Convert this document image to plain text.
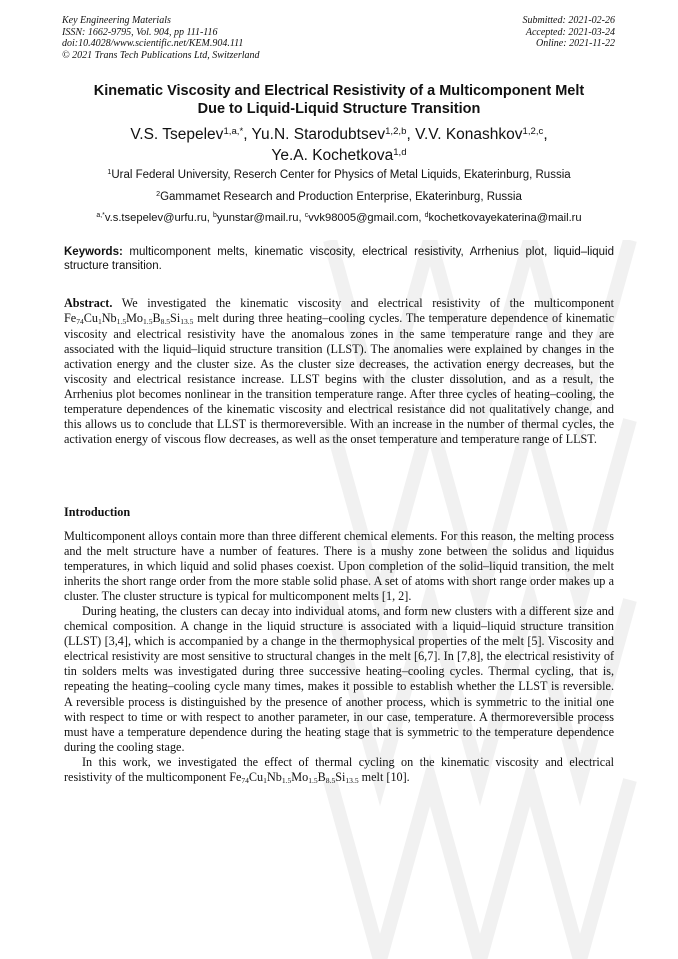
Key Engineering Materials
ISSN: 1662-9795, Vol. 904, pp 111-116
doi:10.4028/www.scientific.net/KEM.904.111
© 2021 Trans Tech Publications Ltd, Switzerland
Submitted: 2021-02-26
Accepted: 2021-03-24
Online: 2021-11-22
Kinematic Viscosity and Electrical Resistivity of a Multicomponent Melt
Due to Liquid-Liquid Structure Transition
V.S. Tsepelev$^{1,a,*}$, Yu.N. Starodubtsev$^{1,2,b}$, V.V. Konashkov$^{1,2,c}$,
Ye.A. Kochetkova$^{1,d}$
$^1$Ural Federal University, Reserch Center for Physics of Metal Liquids, Ekaterinburg, Russia
$^2$Gammamet Research and Production Enterprise, Ekaterinburg, Russia
$^{a,*}$v.s.tsepelev@urfu.ru, $^b$yunstar@mail.ru, $^c$vvk98005@gmail.com, $^d$kochetkovayekaterina@mail.ru
Keywords: multicomponent melts, kinematic viscosity, electrical resistivity, Arrhenius plot, liquid–liquid structure transition.
Abstract. We investigated the kinematic viscosity and electrical resistivity of the multicomponent $Fe_{74}Cu_1Nb_{1.5}Mo_{1.5}B_{8.5}Si_{13.5}$ melt during three heating–cooling cycles. The temperature dependence of kinematic viscosity and electrical resistivity have the anomalous zones in the same temperature range and they are associated with the liquid–liquid structure transition (LLST). The anomalies were explained by changes in the activation energy and the cluster size. As the cluster size decreases, the activation energy decreases, but the viscosity and electrical resistance increase. LLST begins with the cluster dissolution, and as a result, the Arrhenius plot becomes nonlinear in the transition temperature range. After three cycles of heating–cooling, the temperature dependences of the kinematic viscosity and electrical resistance did not qualitatively change, and this allows us to conclude that LLST is thermoreversible. With an increase in the number of thermal cycles, the activation energy of viscous flow decreases, as well as the onset temperature and temperature range of LLST.
Introduction

Multicomponent alloys contain more than three different chemical elements. For this reason, the melting process and the melt structure have a number of features. There is a mushy zone between the solidus and liquidus temperatures, in which liquid and solid phases coexist. Upon completion of the solid–liquid transition, the melt inherits the short range order from the more stable solid phase. A set of atoms with short range order makes up a cluster. The cluster structure is typical for multicomponent melts [1, 2].

During heating, the clusters can decay into individual atoms, and form new clusters with a different size and chemical composition. A change in the liquid structure is associated with a liquid–liquid structure transition (LLST) [3,4], which is accompanied by a change in the thermophysical properties of the melt [5]. Viscosity and electrical resistivity are most sensitive to structural changes in the melt [6,7]. In [7,8], the electrical resistivity of tin solders melts was investigated during three successive heating–cooling cycles. Thermal cycling, that is, repeating the heating–cooling cycle many times, makes it possible to establish whether the LLST is reversible. A reversible process is distinguished by the presence of another process, which is symmetric to the initial one with respect to time or with respect to another parameter, in our case, temperature. A thermoreversible process must have a temperature dependence during the heating stage that is symmetric to the temperature dependence during the cooling stage.

In this work, we investigated the effect of thermal cycling on the kinematic viscosity and electrical resistivity of the multicomponent $Fe_{74}Cu_1Nb_{1.5}Mo_{1.5}B_{8.5}Si_{13.5}$ melt [10].
